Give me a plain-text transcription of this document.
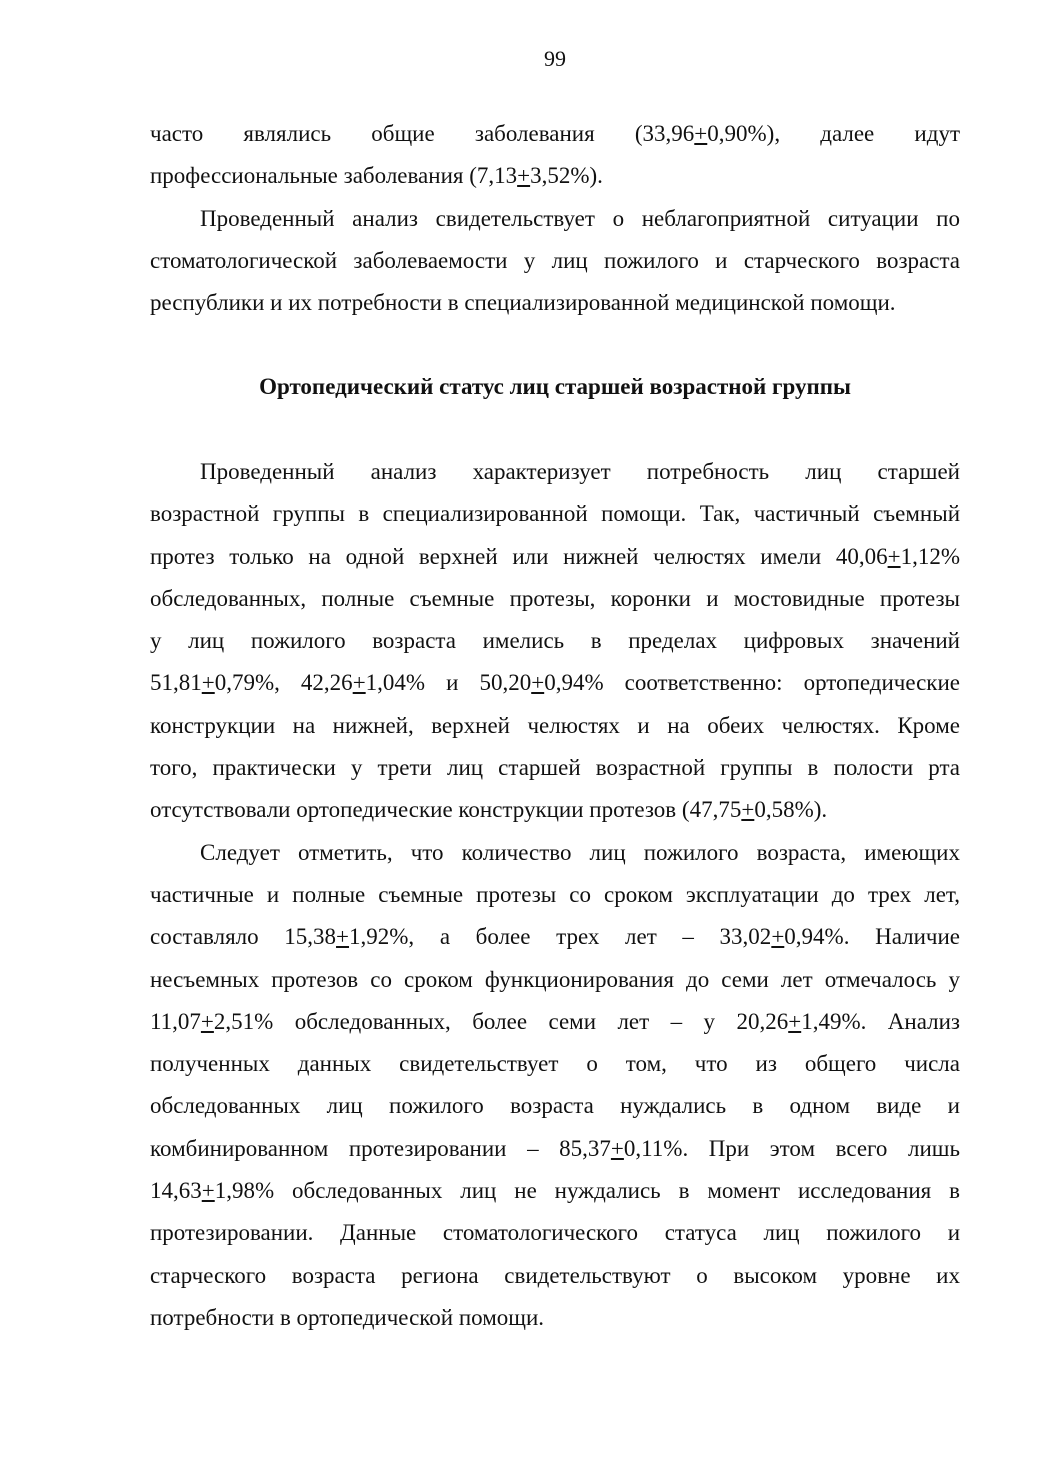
99
часто являлись общие заболевания (33,96+0,90%), далее идут
профессиональные заболевания (7,13+3,52%).
Проведенный анализ свидетельствует о неблагоприятной ситуации по
стоматологической заболеваемости у лиц пожилого и старческого возраста
республики и их потребности в специализированной медицинской помощи.
Ортопедический статус лиц старшей возрастной группы
Проведенный анализ характеризует потребность лиц старшей
возрастной группы в специализированной помощи. Так, частичный съемный
протез только на одной верхней или нижней челюстях имели 40,06+1,12%
обследованных, полные съемные протезы, коронки и мостовидные протезы
у лиц пожилого возраста имелись в пределах цифровых значений
51,81+0,79%, 42,26+1,04% и 50,20+0,94% соответственно: ортопедические
конструкции на нижней, верхней челюстях и на обеих челюстях. Кроме
того, практически у трети лиц старшей возрастной группы в полости рта
отсутствовали ортопедические конструкции протезов (47,75+0,58%).
Следует отметить, что количество лиц пожилого возраста, имеющих
частичные и полные съемные протезы со сроком эксплуатации до трех лет,
составляло 15,38+1,92%, а более трех лет – 33,02+0,94%. Наличие
несъемных протезов со сроком функционирования до семи лет отмечалось у
11,07+2,51% обследованных, более семи лет – у 20,26+1,49%. Анализ
полученных данных свидетельствует о том, что из общего числа
обследованных лиц пожилого возраста нуждались в одном виде и
комбинированном протезировании – 85,37+0,11%. При этом всего лишь
14,63+1,98% обследованных лиц не нуждались в момент исследования в
протезировании. Данные стоматологического статуса лиц пожилого и
старческого возраста региона свидетельствуют о высоком уровне их
потребности в ортопедической помощи.
